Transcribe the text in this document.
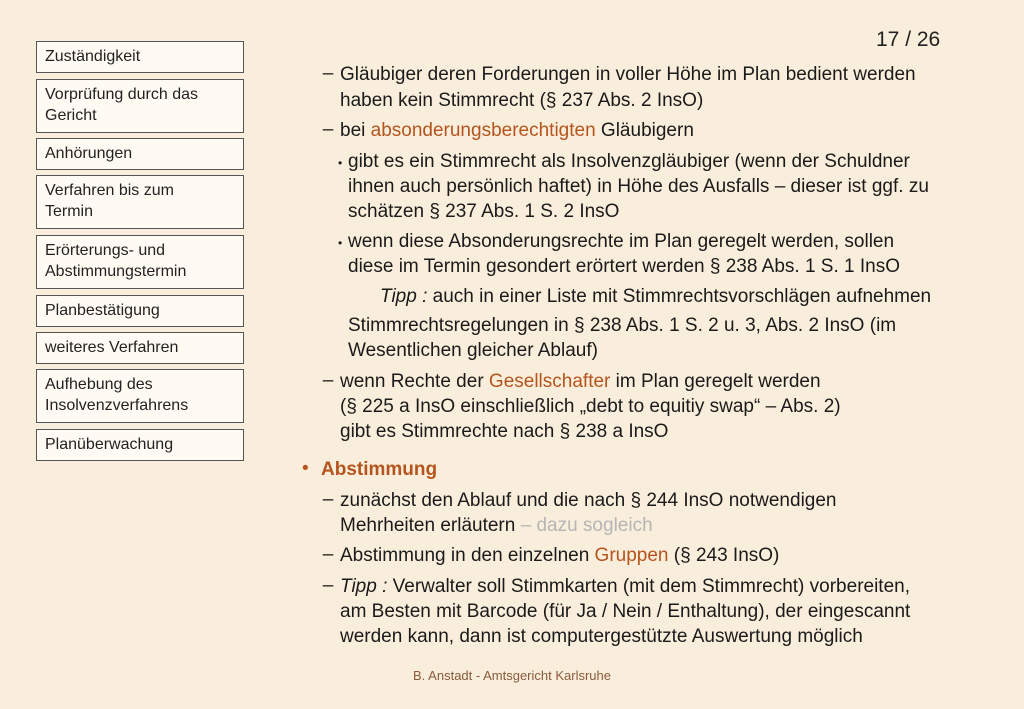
Zuständigkeit
Vorprüfung durch das
Gericht
Anhörungen
Verfahren bis zum
Termin
Erörterungs- und
Abstimmungstermin
Planbestätigung
weiteres Verfahren
Aufhebung des
Insolvenzverfahrens
Planüberwachung
17 / 26
– Gläubiger deren Forderungen in voller Höhe im Plan bedient werden
haben kein Stimmrecht (§ 237 Abs. 2 InsO)
– bei absonderungsberechtigten Gläubigern
• gibt es ein Stimmrecht als Insolvenzgläubiger (wenn der Schuldner
ihnen auch persönlich haftet) in Höhe des Ausfalls – dieser ist ggf. zu
schätzen § 237 Abs. 1 S. 2 InsO
• wenn diese Absonderungsrechte im Plan geregelt werden, sollen
diese im Termin gesondert erörtert werden § 238 Abs. 1 S. 1 InsO
Tipp : auch in einer Liste mit Stimmrechtsvorschlägen aufnehmen
Stimmrechtsregelungen in § 238 Abs. 1 S. 2 u. 3, Abs. 2 InsO (im
Wesentlichen gleicher Ablauf)
– wenn Rechte der Gesellschafter im Plan geregelt werden
(§ 225 a InsO einschließlich „debt to equitiy swap“ – Abs. 2)
gibt es Stimmrechte nach § 238 a InsO
• Abstimmung
– zunächst den Ablauf und die nach § 244 InsO notwendigen
Mehrheiten erläutern – dazu sogleich
– Abstimmung in den einzelnen Gruppen (§ 243 InsO)
– Tipp : Verwalter soll Stimmkarten (mit dem Stimmrecht) vorbereiten,
am Besten mit Barcode (für Ja / Nein / Enthaltung), der eingescannt
werden kann, dann ist computergestützte Auswertung möglich
B. Anstadt - Amtsgericht Karlsruhe
